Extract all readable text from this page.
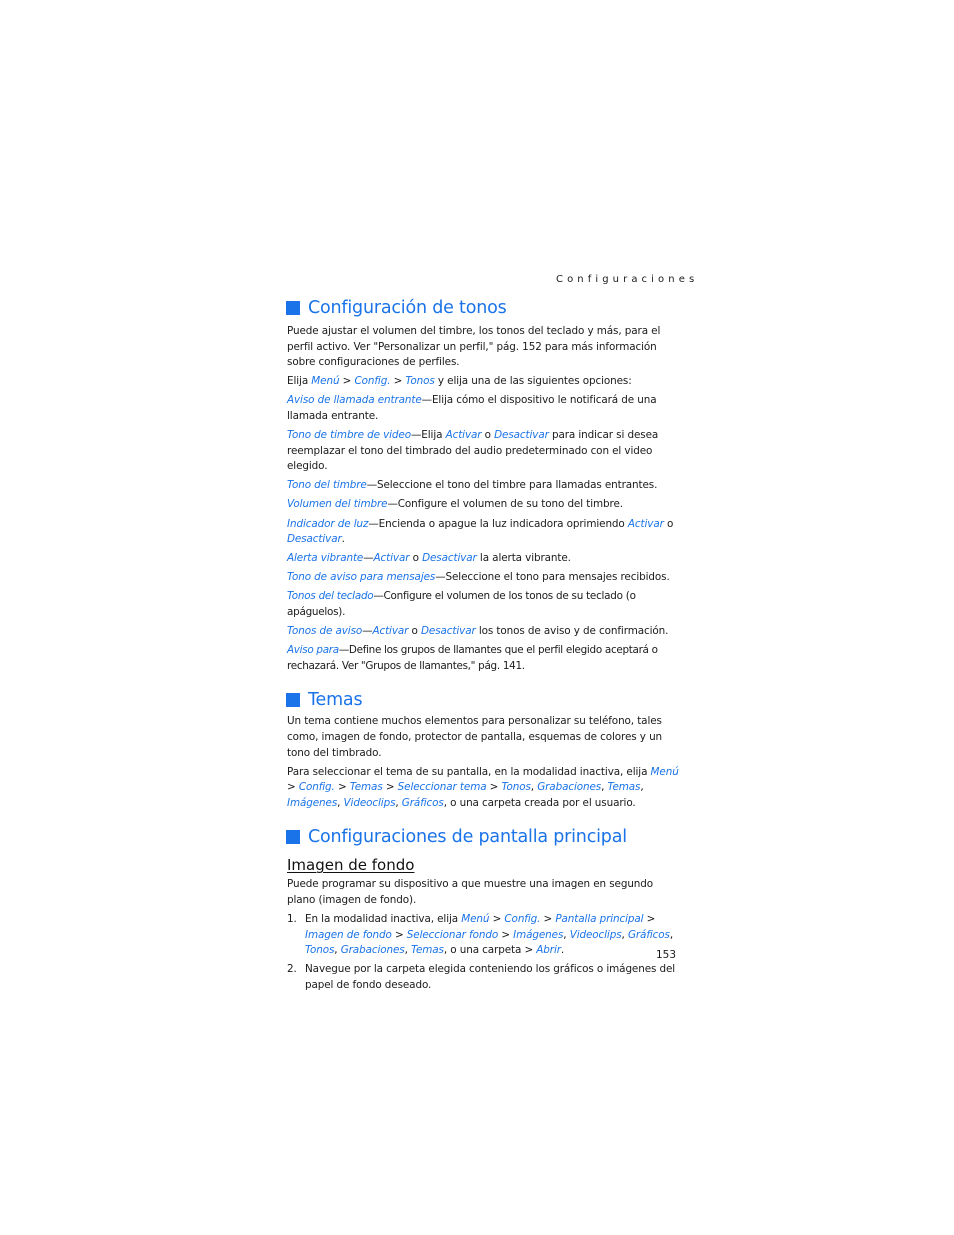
Configuraciones
Configuración de tonos

Puede ajustar el volumen del timbre, los tonos del teclado y más, para el perfil activo. Ver "Personalizar un perfil," pág. 152 para más información sobre configuraciones de perfiles.

Elija Menú > Config. > Tonos y elija una de las siguientes opciones:

Aviso de llamada entrante—Elija cómo el dispositivo le notificará de una llamada entrante.

Tono de timbre de video—Elija Activar o Desactivar para indicar si desea reemplazar el tono del timbrado del audio predeterminado con el video elegido.

Tono del timbre—Seleccione el tono del timbre para llamadas entrantes.

Volumen del timbre—Configure el volumen de su tono del timbre.

Indicador de luz—Encienda o apague la luz indicadora oprimiendo Activar o Desactivar.

Alerta vibrante—Activar o Desactivar la alerta vibrante.

Tono de aviso para mensajes—Seleccione el tono para mensajes recibidos.

Tonos del teclado—Configure el volumen de los tonos de su teclado (o apáguelos).

Tonos de aviso—Activar o Desactivar los tonos de aviso y de confirmación.

Aviso para—Define los grupos de llamantes que el perfil elegido aceptará o rechazará. Ver "Grupos de llamantes," pág. 141.

Temas

Un tema contiene muchos elementos para personalizar su teléfono, tales como, imagen de fondo, protector de pantalla, esquemas de colores y un tono del timbrado.

Para seleccionar el tema de su pantalla, en la modalidad inactiva, elija Menú > Config. > Temas > Seleccionar tema > Tonos, Grabaciones, Temas, Imágenes, Videoclips, Gráficos, o una carpeta creada por el usuario.

Configuraciones de pantalla principal
Imagen de fondo

Puede programar su dispositivo a que muestre una imagen en segundo plano (imagen de fondo).

1. En la modalidad inactiva, elija Menú > Config. > Pantalla principal > Imagen de fondo > Seleccionar fondo > Imágenes, Videoclips, Gráficos, Tonos, Grabaciones, Temas, o una carpeta > Abrir.
2. Navegue por la carpeta elegida conteniendo los gráficos o imágenes del papel de fondo deseado.
153
